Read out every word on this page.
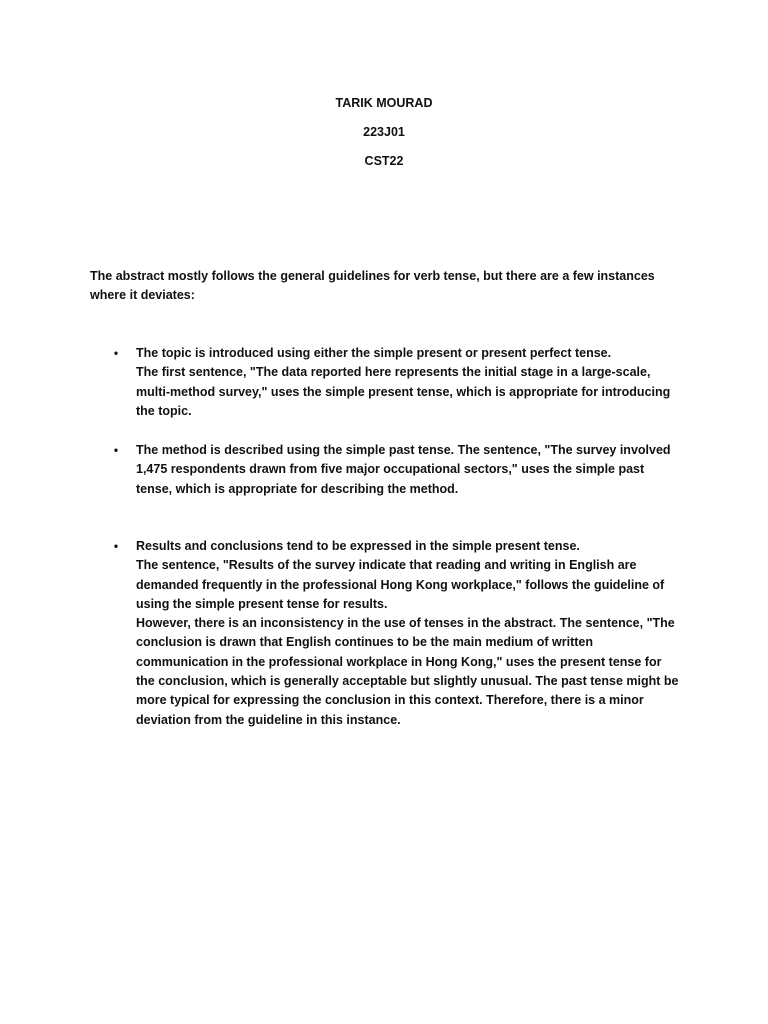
TARIK MOURAD
223J01
CST22
The abstract mostly follows the general guidelines for verb tense, but there are a few instances where it deviates:
• The topic is introduced using either the simple present or present perfect tense.

The first sentence, "The data reported here represents the initial stage in a large-scale, multi-method survey," uses the simple present tense, which is appropriate for introducing the topic.

• The method is described using the simple past tense. The sentence, "The survey involved 1,475 respondents drawn from five major occupational sectors," uses the simple past tense, which is appropriate for describing the method.

• Results and conclusions tend to be expressed in the simple present tense.

The sentence, "Results of the survey indicate that reading and writing in English are demanded frequently in the professional Hong Kong workplace," follows the guideline of using the simple present tense for results.

However, there is an inconsistency in the use of tenses in the abstract. The sentence, "The conclusion is drawn that English continues to be the main medium of written communication in the professional workplace in Hong Kong," uses the present tense for the conclusion, which is generally acceptable but slightly unusual. The past tense might be more typical for expressing the conclusion in this context. Therefore, there is a minor deviation from the guideline in this instance.
